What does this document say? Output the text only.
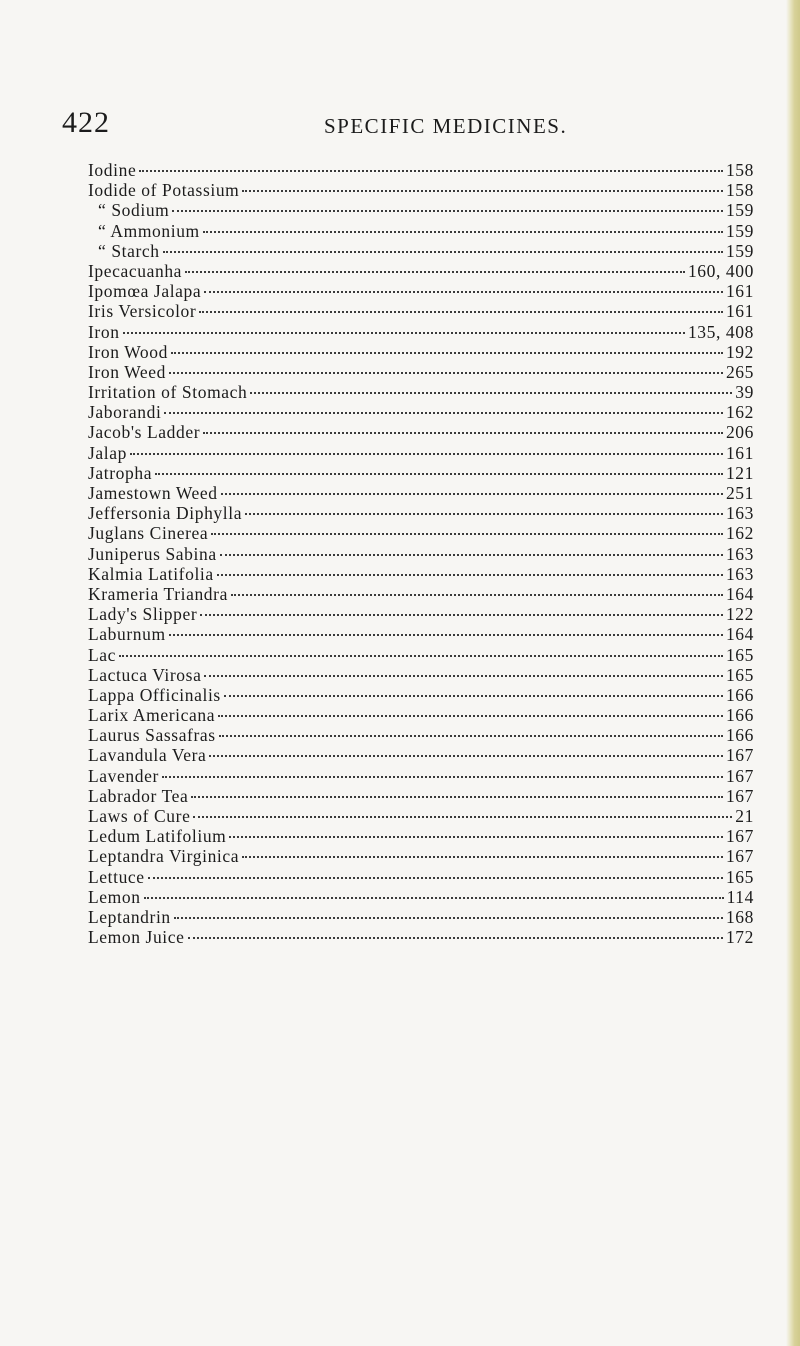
422	SPECIFIC MEDICINES.
Iodine	158
Iodide of Potassium	158
“ Sodium	159
“ Ammonium	159
“ Starch	159
Ipecacuanha	160, 400
Ipomœa Jalapa	161
Iris Versicolor	161
Iron	135, 408
Iron Wood	192
Iron Weed	265
Irritation of Stomach	39
Jaborandi	162
Jacob's Ladder	206
Jalap	161
Jatropha	121
Jamestown Weed	251
Jeffersonia Diphylla	163
Juglans Cinerea	162
Juniperus Sabina	163
Kalmia Latifolia	163
Krameria Triandra	164
Lady's Slipper	122
Laburnum	164
Lac	165
Lactuca Virosa	165
Lappa Officinalis	166
Larix Americana	166
Laurus Sassafras	166
Lavandula Vera	167
Lavender	167
Labrador Tea	167
Laws of Cure	21
Ledum Latifolium	167
Leptandra Virginica	167
Lettuce	165
Lemon	114
Leptandrin	168
Lemon Juice	172
